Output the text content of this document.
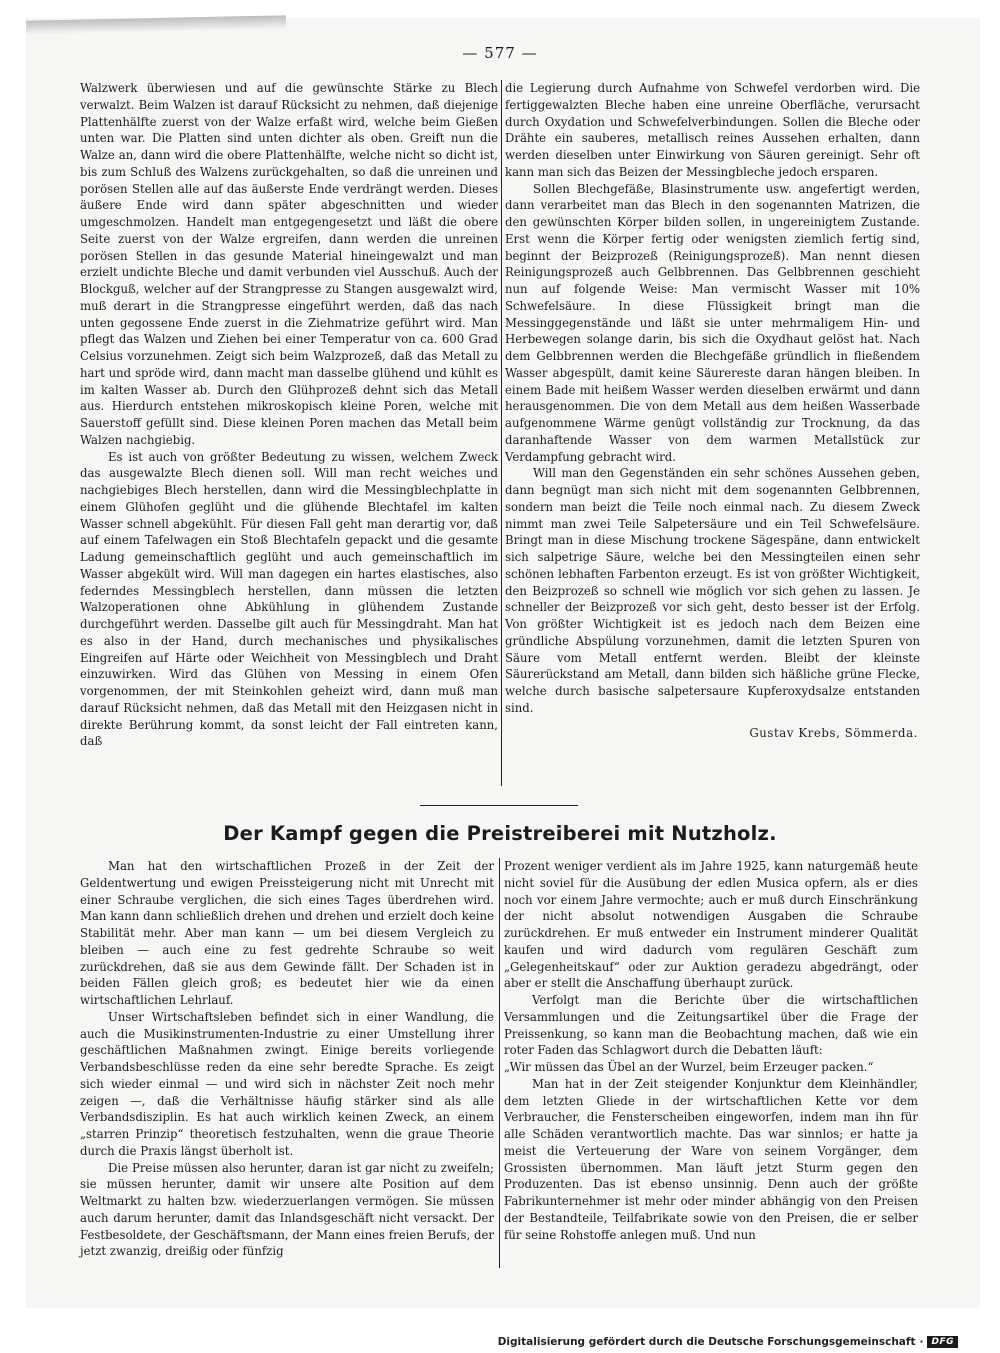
— 577 —

Walzwerk überwiesen und auf die gewünschte Stärke zu Blech verwalzt. Beim Walzen ist darauf Rücksicht zu nehmen, daß diejenige Plattenhälfte zuerst von der Walze erfaßt wird, welche beim Gießen unten war. Die Platten sind unten dichter als oben. Greift nun die Walze an, dann wird die obere Plattenhälfte, welche nicht so dicht ist, bis zum Schluß des Walzens zurückgehalten, so daß die unreinen und porösen Stellen alle auf das äußerste Ende verdrängt werden. Dieses äußere Ende wird dann später abgeschnitten und wieder umgeschmolzen. Handelt man entgegengesetzt und läßt die obere Seite zuerst von der Walze ergreifen, dann werden die unreinen porösen Stellen in das gesunde Material hineingewalzt und man erzielt undichte Bleche und damit verbunden viel Ausschuß. Auch der Blockguß, welcher auf der Strangpresse zu Stangen ausgewalzt wird, muß derart in die Strangpresse eingeführt werden, daß das nach unten gegossene Ende zuerst in die Ziehmatrize geführt wird. Man pflegt das Walzen und Ziehen bei einer Temperatur von ca. 600 Grad Celsius vorzunehmen. Zeigt sich beim Walzprozeß, daß das Metall zu hart und spröde wird, dann macht man dasselbe glühend und kühlt es im kalten Wasser ab. Durch den Glühprozeß dehnt sich das Metall aus. Hierdurch entstehen mikroskopisch kleine Poren, welche mit Sauerstoff gefüllt sind. Diese kleinen Poren machen das Metall beim Walzen nachgiebig.

Es ist auch von größter Bedeutung zu wissen, welchem Zweck das ausgewalzte Blech dienen soll. Will man recht weiches und nachgiebiges Blech herstellen, dann wird die Messingblechplatte in einem Glühofen geglüht und die glühende Blechtafel im kalten Wasser schnell abgekühlt. Für diesen Fall geht man derartig vor, daß auf einem Tafelwagen ein Stoß Blechtafeln gepackt und die gesamte Ladung gemeinschaftlich geglüht und auch gemeinschaftlich im Wasser abgekült wird. Will man dagegen ein hartes elastisches, also federndes Messingblech herstellen, dann müssen die letzten Walzoperationen ohne Abkühlung in glühendem Zustande durchgeführt werden. Dasselbe gilt auch für Messingdraht. Man hat es also in der Hand, durch mechanisches und physikalisches Eingreifen auf Härte oder Weichheit von Messingblech und Draht einzuwirken. Wird das Glühen von Messing in einem Ofen vorgenommen, der mit Steinkohlen geheizt wird, dann muß man darauf Rücksicht nehmen, daß das Metall mit den Heizgasen nicht in direkte Berührung kommt, da sonst leicht der Fall eintreten kann, daß

die Legierung durch Aufnahme von Schwefel verdorben wird. Die fertiggewalzten Bleche haben eine unreine Oberfläche, verursacht durch Oxydation und Schwefelverbindungen. Sollen die Bleche oder Drähte ein sauberes, metallisch reines Aussehen erhalten, dann werden dieselben unter Einwirkung von Säuren gereinigt. Sehr oft kann man sich das Beizen der Messingbleche jedoch ersparen.

Sollen Blechgefäße, Blasinstrumente usw. angefertigt werden, dann verarbeitet man das Blech in den sogenannten Matrizen, die den gewünschten Körper bilden sollen, in ungereinigtem Zustande. Erst wenn die Körper fertig oder wenigsten ziemlich fertig sind, beginnt der Beizprozeß (Reinigungsprozeß). Man nennt diesen Reinigungsprozeß auch Gelbbrennen. Das Gelbbrennen geschieht nun auf folgende Weise: Man vermischt Wasser mit 10% Schwefelsäure. In diese Flüssigkeit bringt man die Messinggegenstände und läßt sie unter mehrmaligem Hin- und Herbewegen solange darin, bis sich die Oxydhaut gelöst hat. Nach dem Gelbbrennen werden die Blechgefäße gründlich in fließendem Wasser abgespült, damit keine Säurereste daran hängen bleiben. In einem Bade mit heißem Wasser werden dieselben erwärmt und dann herausgenommen. Die von dem Metall aus dem heißen Wasserbade aufgenommene Wärme genügt vollständig zur Trocknung, da das daranhaftende Wasser von dem warmen Metallstück zur Verdampfung gebracht wird.

Will man den Gegenständen ein sehr schönes Aussehen geben, dann begnügt man sich nicht mit dem sogenannten Gelbbrennen, sondern man beizt die Teile noch einmal nach. Zu diesem Zweck nimmt man zwei Teile Salpetersäure und ein Teil Schwefelsäure. Bringt man in diese Mischung trockene Sägespäne, dann entwickelt sich salpetrige Säure, welche bei den Messingteilen einen sehr schönen lebhaften Farbenton erzeugt. Es ist von größter Wichtigkeit, den Beizprozeß so schnell wie möglich vor sich gehen zu lassen. Je schneller der Beizprozeß vor sich geht, desto besser ist der Erfolg. Von größter Wichtigkeit ist es jedoch nach dem Beizen eine gründliche Abspülung vorzunehmen, damit die letzten Spuren von Säure vom Metall entfernt werden. Bleibt der kleinste Säurerückstand am Metall, dann bilden sich häßliche grüne Flecke, welche durch basische salpetersaure Kupferoxydsalze entstanden sind.

Gustav Krebs, Sömmerda.

Der Kampf gegen die Preistreiberei mit Nutzholz.

Man hat den wirtschaftlichen Prozeß in der Zeit der Geldentwertung und ewigen Preissteigerung nicht mit Unrecht mit einer Schraube verglichen, die sich eines Tages überdrehen wird. Man kann dann schließlich drehen und drehen und erzielt doch keine Stabilität mehr. Aber man kann — um bei diesem Vergleich zu bleiben — auch eine zu fest gedrehte Schraube so weit zurückdrehen, daß sie aus dem Gewinde fällt. Der Schaden ist in beiden Fällen gleich groß; es bedeutet hier wie da einen wirtschaftlichen Lehrlauf.

Unser Wirtschaftsleben befindet sich in einer Wandlung, die auch die Musikinstrumenten-Industrie zu einer Umstellung ihrer geschäftlichen Maßnahmen zwingt. Einige bereits vorliegende Verbandsbeschlüsse reden da eine sehr beredte Sprache. Es zeigt sich wieder einmal — und wird sich in nächster Zeit noch mehr zeigen —, daß die Verhältnisse häufig stärker sind als alle Verbandsdisziplin. Es hat auch wirklich keinen Zweck, an einem „starren Prinzip“ theoretisch festzuhalten, wenn die graue Theorie durch die Praxis längst überholt ist.

Die Preise müssen also herunter, daran ist gar nicht zu zweifeln; sie müssen herunter, damit wir unsere alte Position auf dem Weltmarkt zu halten bzw. wiederzuerlangen vermögen. Sie müssen auch darum herunter, damit das Inlandsgeschäft nicht versackt. Der Festbesoldete, der Geschäftsmann, der Mann eines freien Berufs, der jetzt zwanzig, dreißig oder fünfzig

Prozent weniger verdient als im Jahre 1925, kann naturgemäß heute nicht soviel für die Ausübung der edlen Musica opfern, als er dies noch vor einem Jahre vermochte; auch er muß durch Einschränkung der nicht absolut notwendigen Ausgaben die Schraube zurückdrehen. Er muß entweder ein Instrument minderer Qualität kaufen und wird dadurch vom regulären Geschäft zum „Gelegenheitskauf“ oder zur Auktion geradezu abgedrängt, oder aber er stellt die Anschaffung überhaupt zurück.

Verfolgt man die Berichte über die wirtschaftlichen Versammlungen und die Zeitungsartikel über die Frage der Preissenkung, so kann man die Beobachtung machen, daß wie ein roter Faden das Schlagwort durch die Debatten läuft:

„Wir müssen das Übel an der Wurzel, beim Erzeuger packen.“

Man hat in der Zeit steigender Konjunktur dem Kleinhändler, dem letzten Gliede in der wirtschaftlichen Kette vor dem Verbraucher, die Fensterscheiben eingeworfen, indem man ihn für alle Schäden verantwortlich machte. Das war sinnlos; er hatte ja meist die Verteuerung der Ware von seinem Vorgänger, dem Grossisten übernommen. Man läuft jetzt Sturm gegen den Produzenten. Das ist ebenso unsinnig. Denn auch der größte Fabrikunternehmer ist mehr oder minder abhängig von den Preisen der Bestandteile, Teilfabrikate sowie von den Preisen, die er selber für seine Rohstoffe anlegen muß. Und nun

Digitalisierung gefördert durch die Deutsche Forschungsgemeinschaft · DFG
